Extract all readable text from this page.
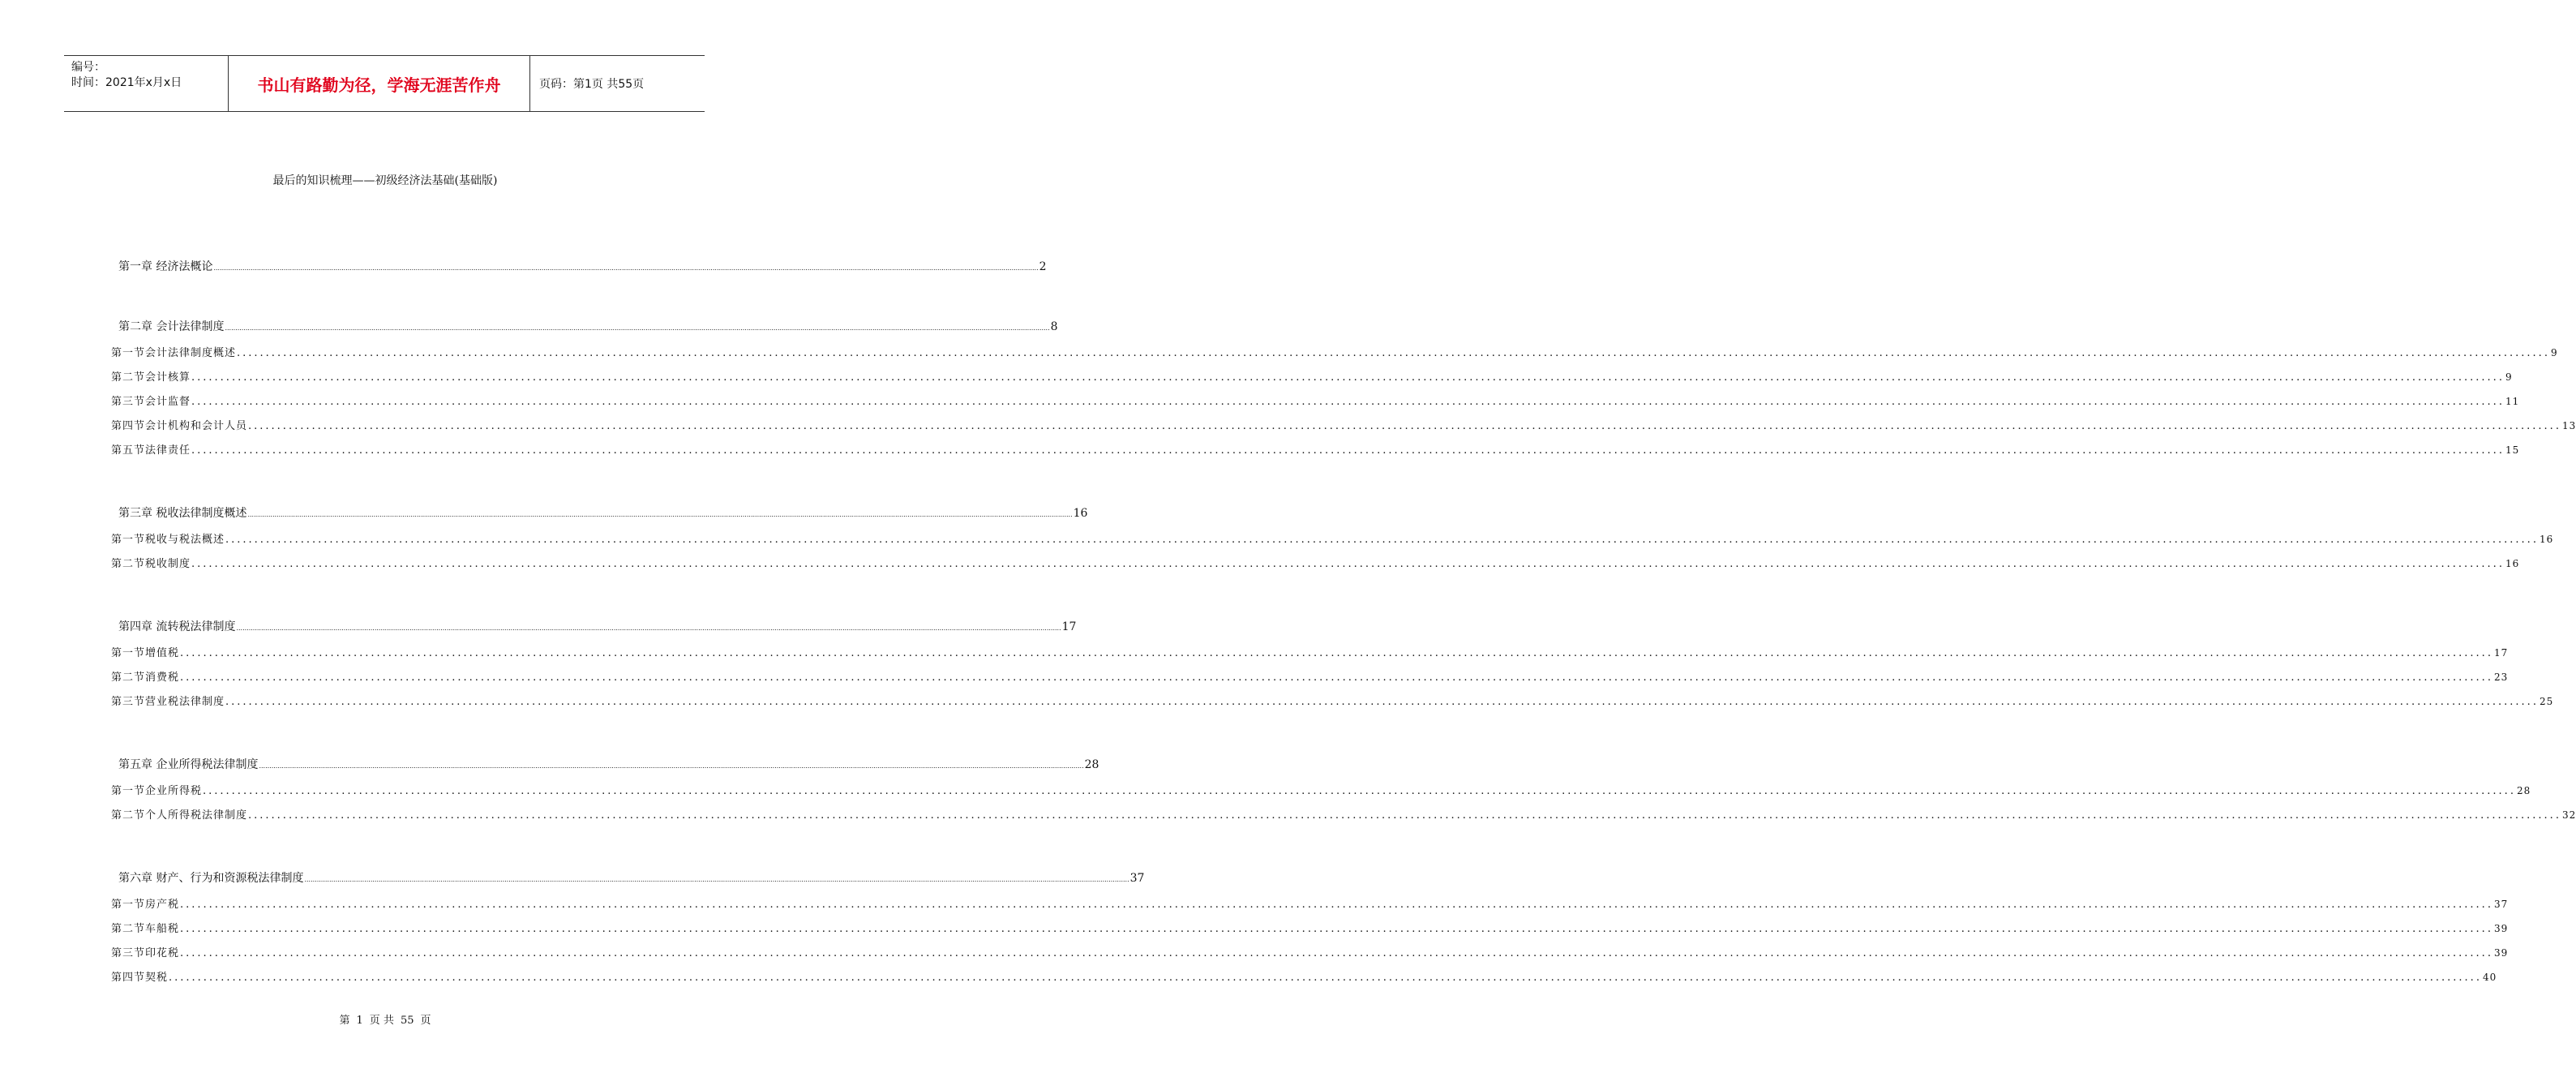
编号：
时间：2021年x月x日	书山有路勤为径，学海无涯苦作舟	页码：第1页 共55页
最后的知识梳理——初级经济法基础(基础版)
第一章 经济法概论 ................................................................................................................................................................................................................................................................................................................................................................................................................ 2
第二章 会计法律制度 ................................................................................................................................................................................................................................................................................................................................................................................................................ 8
第一节会计法律制度概述 ................................................................................................................................................................................................................................................................................................................................................................................................................ 9
第二节会计核算 ................................................................................................................................................................................................................................................................................................................................................................................................................ 9
第三节会计监督 ................................................................................................................................................................................................................................................................................................................................................................................................................ 11
第四节会计机构和会计人员 ................................................................................................................................................................................................................................................................................................................................................................................................................ 13
第五节法律责任 ................................................................................................................................................................................................................................................................................................................................................................................................................ 15
第三章 税收法律制度概述 ................................................................................................................................................................................................................................................................................................................................................................................................................ 16
第一节税收与税法概述 ................................................................................................................................................................................................................................................................................................................................................................................................................ 16
第二节税收制度 ................................................................................................................................................................................................................................................................................................................................................................................................................ 16
第四章 流转税法律制度 ................................................................................................................................................................................................................................................................................................................................................................................................................ 17
第一节增值税 ................................................................................................................................................................................................................................................................................................................................................................................................................ 17
第二节消费税 ................................................................................................................................................................................................................................................................................................................................................................................................................ 23
第三节营业税法律制度 ................................................................................................................................................................................................................................................................................................................................................................................................................ 25
第五章 企业所得税法律制度 ................................................................................................................................................................................................................................................................................................................................................................................................................ 28
第一节企业所得税 ................................................................................................................................................................................................................................................................................................................................................................................................................ 28
第二节个人所得税法律制度 ................................................................................................................................................................................................................................................................................................................................................................................................................ 32
第六章 财产、行为和资源税法律制度 ................................................................................................................................................................................................................................................................................................................................................................................................................ 37
第一节房产税 ................................................................................................................................................................................................................................................................................................................................................................................................................ 37
第二节车船税 ................................................................................................................................................................................................................................................................................................................................................................................................................ 39
第三节印花税 ................................................................................................................................................................................................................................................................................................................................................................................................................ 39
第四节契税 ................................................................................................................................................................................................................................................................................................................................................................................................................ 40
第 1 页 共 55 页
